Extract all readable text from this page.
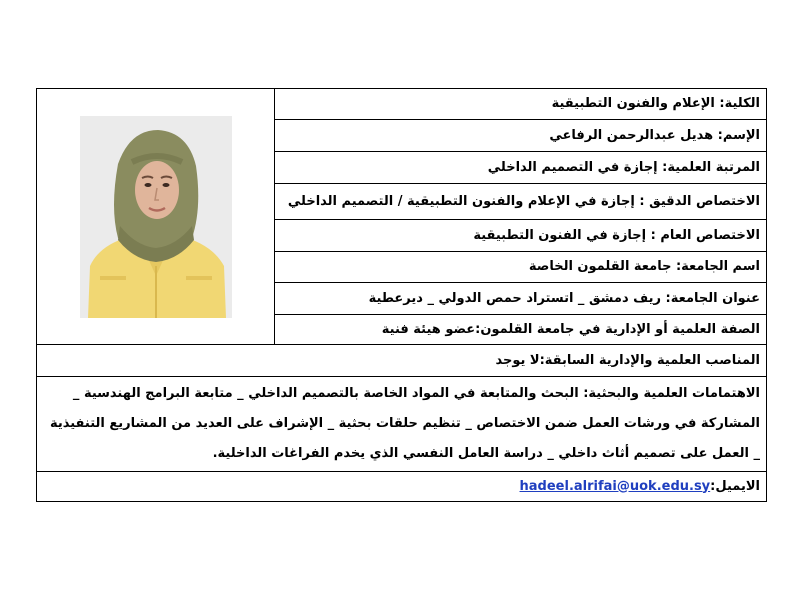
الكلية: الإعلام والفنون التطبيقية	

الإسم: هديل عبدالرحمن الرفاعي
المرتبة العلمية: إجازة في التصميم الداخلي
الاختصاص الدقيق : إجازة في الإعلام والفنون التطبيقية / التصميم الداخلي
الاختصاص العام : إجازة في الفنون التطبيقية
اسم الجامعة: جامعة القلمون الخاصة
عنوان الجامعة: ريف دمشق _ اتستراد حمص الدولي _ ديرعطية
الصفة العلمية أو الإدارية في جامعة القلمون:عضو هيئة فنية
المناصب العلمية والإدارية السابقة:لا يوجد
الاهتمامات العلمية والبحثية: البحث والمتابعة في المواد الخاصة بالتصميم الداخلي _ متابعة البرامج الهندسية _ المشاركة في ورشات العمل ضمن الاختصاص _ تنظيم حلقات بحثية _ الإشراف على العديد من المشاريع التنفيذية _ العمل على تصميم أثاث داخلي _ دراسة العامل النفسي الذي يخدم الفراغات الداخلية.
الايميل:hadeel.alrifai@uok.edu.sy
